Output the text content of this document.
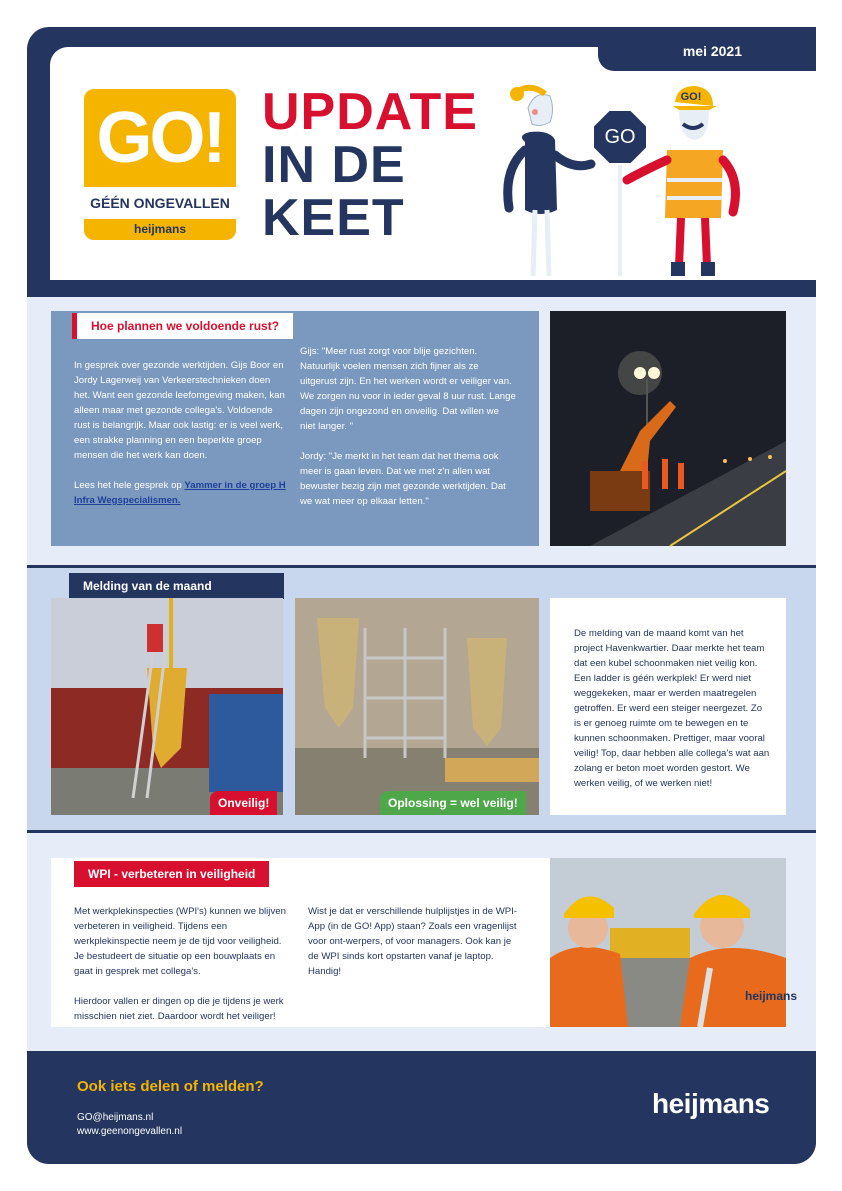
mei 2021
GO!
GÉÉN ONGEVALLEN
heijmans
UPDATE
IN DE
KEET
GO
GO!
Hoe plannen we voldoende rust?

In gesprek over gezonde werktijden. Gijs Boor en Jordy Lagerweij van Verkeerstechnieken doen het. Want een gezonde leefomgeving maken, kan alleen maar met gezonde collega's. Voldoende rust is belangrijk. Maar ook lastig: er is veel werk, een strakke planning en een beperkte groep mensen die het werk kan doen.

Lees het hele gesprek op Yammer in de groep H Infra Wegspecialismen.

Gijs: "Meer rust zorgt voor blije gezichten. Natuurlijk voelen mensen zich fijner als ze uitgerust zijn. En het werken wordt er veiliger van. We zorgen nu voor in ieder geval 8 uur rust. Lange dagen zijn ongezond en onveilig. Dat willen we niet langer. "

Jordy: "Je merkt in het team dat het thema ook meer is gaan leven. Dat we met z'n allen wat bewuster bezig zijn met gezonde werktijden. Dat we wat meer op elkaar letten."

Melding van de maand
Onveilig!	Oplossing = wel veilig!
De melding van de maand komt van het project Havenkwartier. Daar merkte het team dat een kubel schoonmaken niet veilig kon. Een ladder is géén werkplek! Er werd niet weggekeken, maar er werden maatregelen getroffen. Er werd een steiger neergezet. Zo is er genoeg ruimte om te bewegen en te kunnen schoonmaken. Prettiger, maar vooral veilig! Top, daar hebben alle collega's wat aan zolang er beton moet worden gestort. We werken veilig, of we werken niet!
WPI - verbeteren in veiligheid

Met werkplekinspecties (WPI's) kunnen we blijven verbeteren in veiligheid. Tijdens een werkplekinspectie neem je de tijd voor veiligheid. Je bestudeert de situatie op een bouwplaats en gaat in gesprek met collega's.

Hierdoor vallen er dingen op die je tijdens je werk misschien niet ziet. Daardoor wordt het veiliger!

Wist je dat er verschillende hulplijstjes in de WPI-App (in de GO! App) staan? Zoals een vragenlijst voor ont-werpers, of voor managers. Ook kan je de WPI sinds kort opstarten vanaf je laptop. Handig!

heijmans
Ook iets delen of melden?
GO@heijmans.nl
www.geenongevallen.nl
heijmans
